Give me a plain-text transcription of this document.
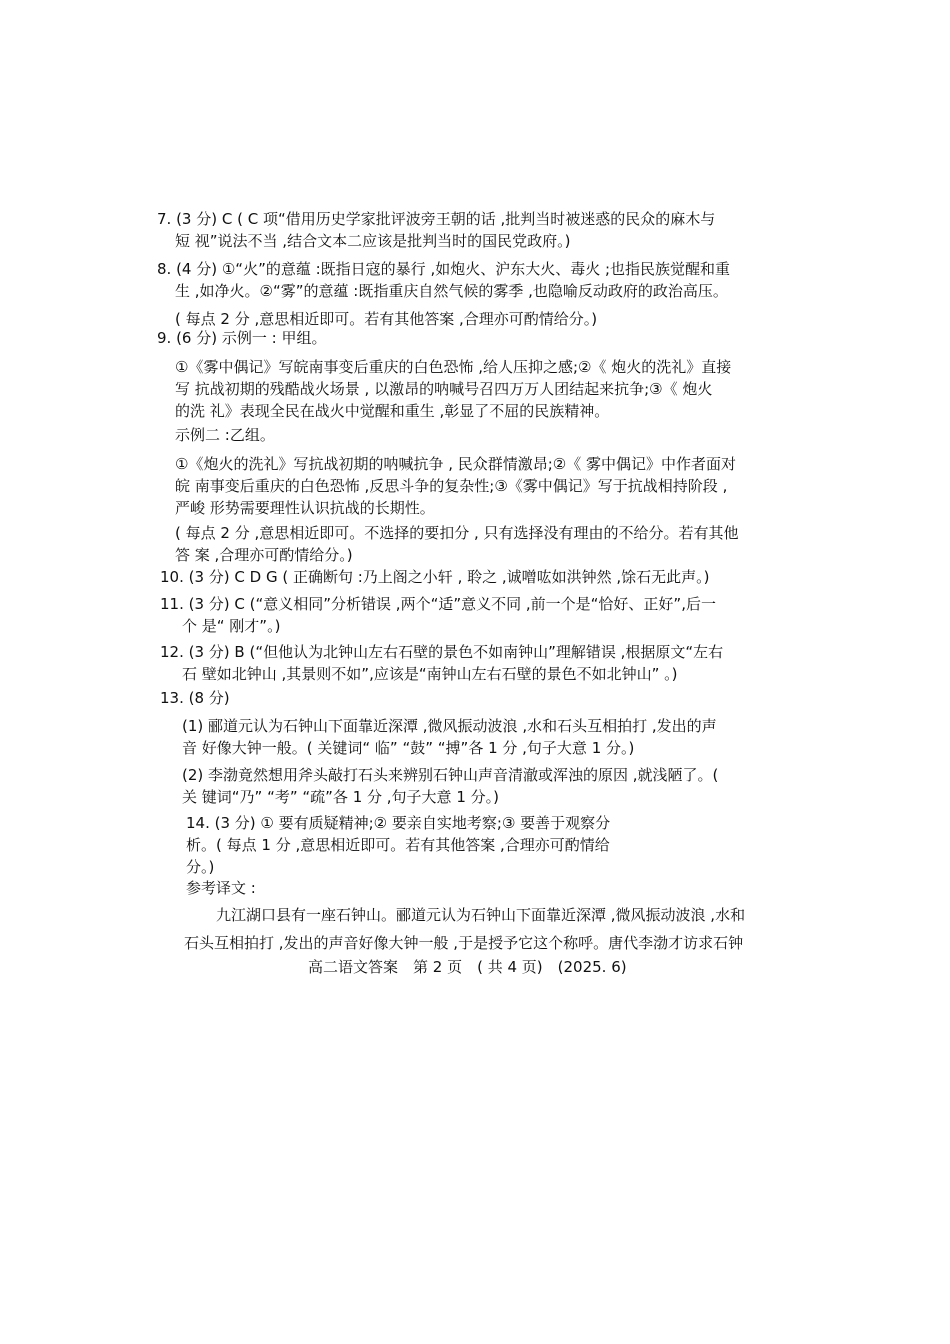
7. (3 分) C ( C 项“借用历史学家批评波旁王朝的话 ,批判当时被迷惑的民众的麻木与
短 视”说法不当 ,结合文本二应该是批判当时的国民党政府。)
8. (4 分) ①“火”的意蕴 :既指日寇的暴行 ,如炮火、沪东大火、毒火 ;也指民族觉醒和重
生 ,如净火。②“雾”的意蕴 :既指重庆自然气候的雾季 ,也隐喻反动政府的政治高压。
( 每点 2 分 ,意思相近即可。若有其他答案 ,合理亦可酌情给分。)
9. (6 分) 示例一 : 甲组。
①《雾中偶记》写皖南事变后重庆的白色恐怖 ,给人压抑之感;②《 炮火的洗礼》直接
写 抗战初期的残酷战火场景 , 以激昂的呐喊号召四万万人团结起来抗争;③《 炮火
的洗 礼》表现全民在战火中觉醒和重生 ,彰显了不屈的民族精神。
示例二 :乙组。
①《炮火的洗礼》写抗战初期的呐喊抗争 , 民众群情激昂;②《 雾中偶记》中作者面对
皖 南事变后重庆的白色恐怖 ,反思斗争的复杂性;③《雾中偶记》写于抗战相持阶段 ,
严峻 形势需要理性认识抗战的长期性。
( 每点 2 分 ,意思相近即可。不选择的要扣分 , 只有选择没有理由的不给分。若有其他
答 案 ,合理亦可酌情给分。)
10. (3 分) C D G ( 正确断句 :乃上阁之小轩 , 聆之 ,诚噌吰如洪钟然 ,馀石无此声。)
11. (3 分) C (“意义相同”分析错误 ,两个“适”意义不同 ,前一个是“恰好、正好”,后一
个 是“ 刚才”。)
12. (3 分) B (“但他认为北钟山左右石壁的景色不如南钟山”理解错误 ,根据原文“左右
石 壁如北钟山 ,其景则不如”,应该是“南钟山左右石壁的景色不如北钟山” 。)
13. (8 分)
(1) 郦道元认为石钟山下面靠近深潭 ,微风振动波浪 ,水和石头互相拍打 ,发出的声
音 好像大钟一般。( 关键词“ 临” “鼓” “搏”各 1 分 ,句子大意 1 分。)
(2) 李渤竟然想用斧头敲打石头来辨别石钟山声音清澈或浑浊的原因 ,就浅陋了。(
关 键词“乃” “考” “疏”各 1 分 ,句子大意 1 分。)
14. (3 分) ① 要有质疑精神;② 要亲自实地考察;③ 要善于观察分
析。( 每点 1 分 ,意思相近即可。若有其他答案 ,合理亦可酌情给
分。)
参考译文 :
九江湖口县有一座石钟山。郦道元认为石钟山下面靠近深潭 ,微风振动波浪 ,水和
石头互相拍打 ,发出的声音好像大钟一般 ,于是授予它这个称呼。唐代李渤才访求石钟
高二语文答案　第 2 页　( 共 4 页)　(2025. 6)
